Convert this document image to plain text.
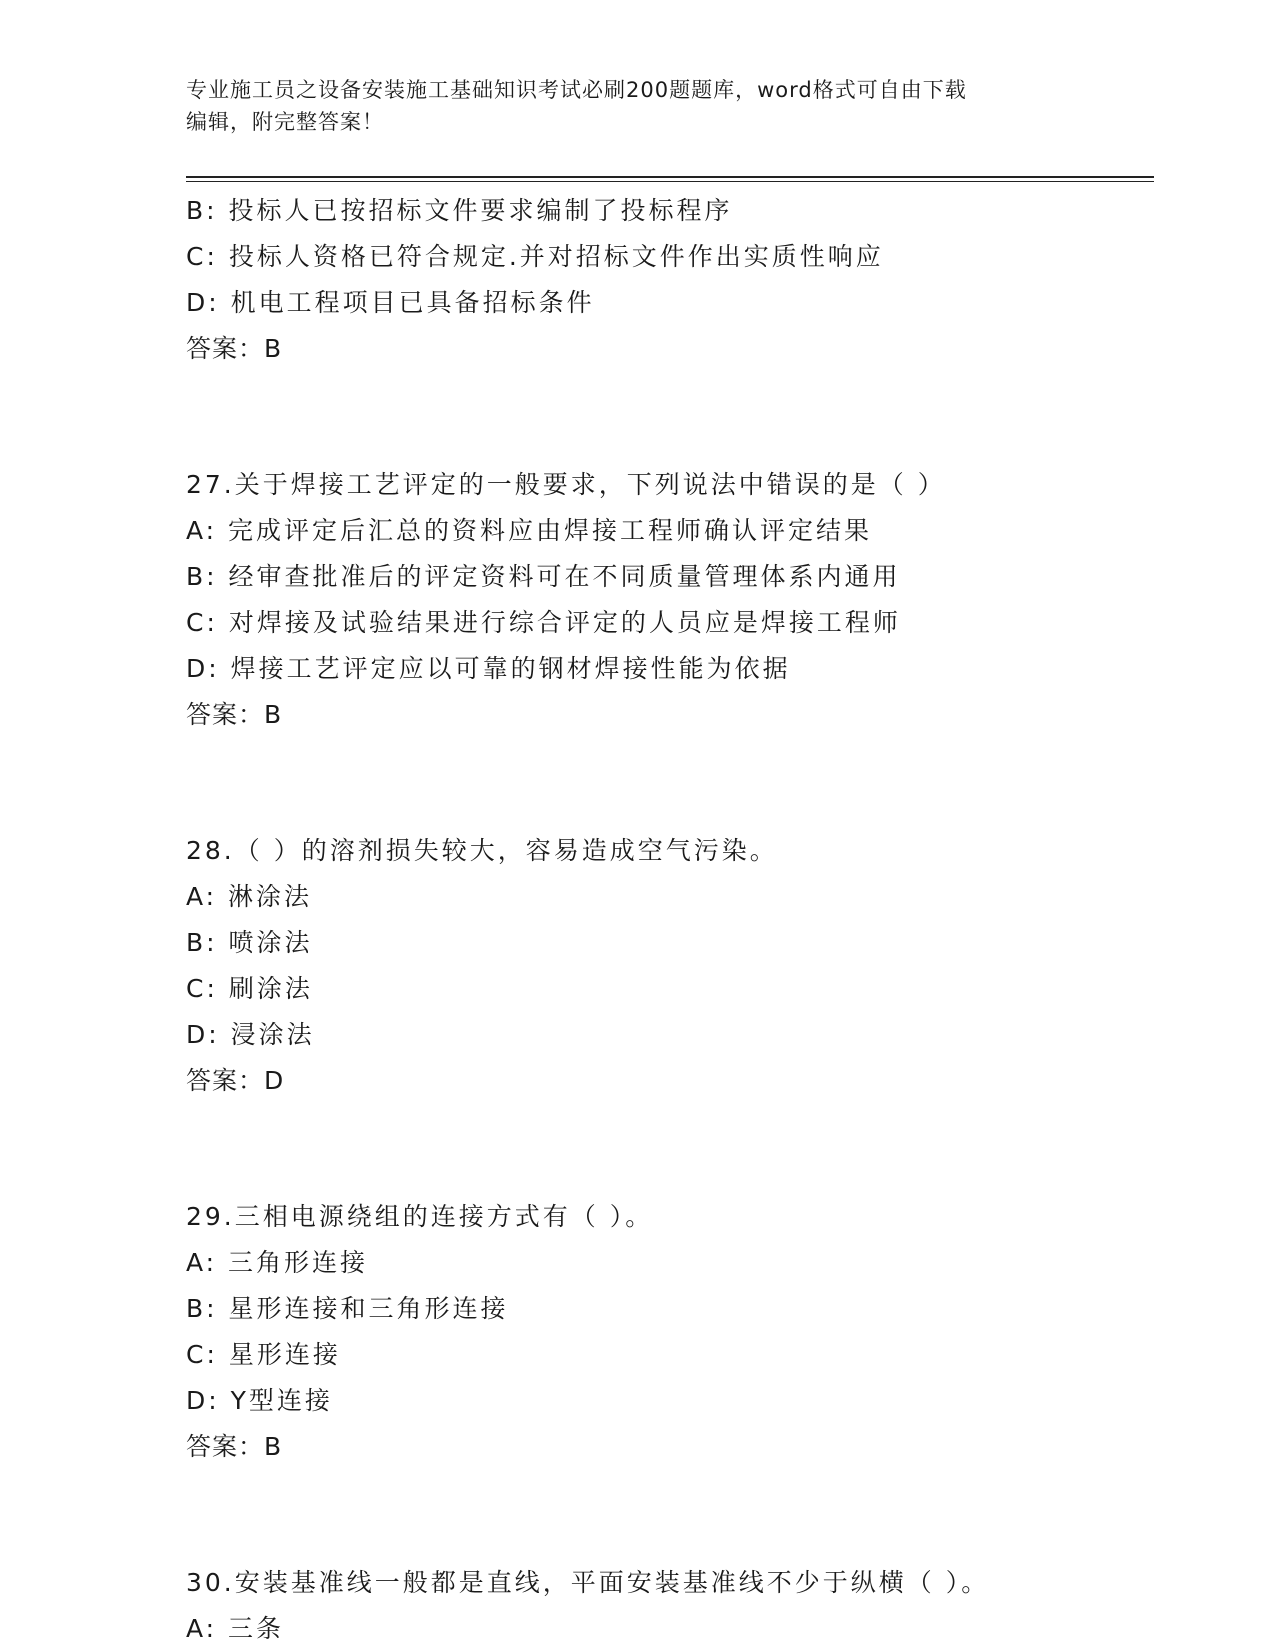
专业施工员之设备安装施工基础知识考试必刷200题题库，word格式可自由下载
编辑，附完整答案！
B: 投标人已按招标文件要求编制了投标程序
C: 投标人资格已符合规定.并对招标文件作出实质性响应
D: 机电工程项目已具备招标条件
答案：B
27.关于焊接工艺评定的一般要求，下列说法中错误的是（ ）
A: 完成评定后汇总的资料应由焊接工程师确认评定结果
B: 经审查批准后的评定资料可在不同质量管理体系内通用
C: 对焊接及试验结果进行综合评定的人员应是焊接工程师
D: 焊接工艺评定应以可靠的钢材焊接性能为依据
答案：B
28.（ ）的溶剂损失较大，容易造成空气污染。
A: 淋涂法
B: 喷涂法
C: 刷涂法
D: 浸涂法
答案：D
29.三相电源绕组的连接方式有（ ）。
A: 三角形连接
B: 星形连接和三角形连接
C: 星形连接
D: Y型连接
答案：B
30.安装基准线一般都是直线，平面安装基准线不少于纵横（ ）。
A: 三条
